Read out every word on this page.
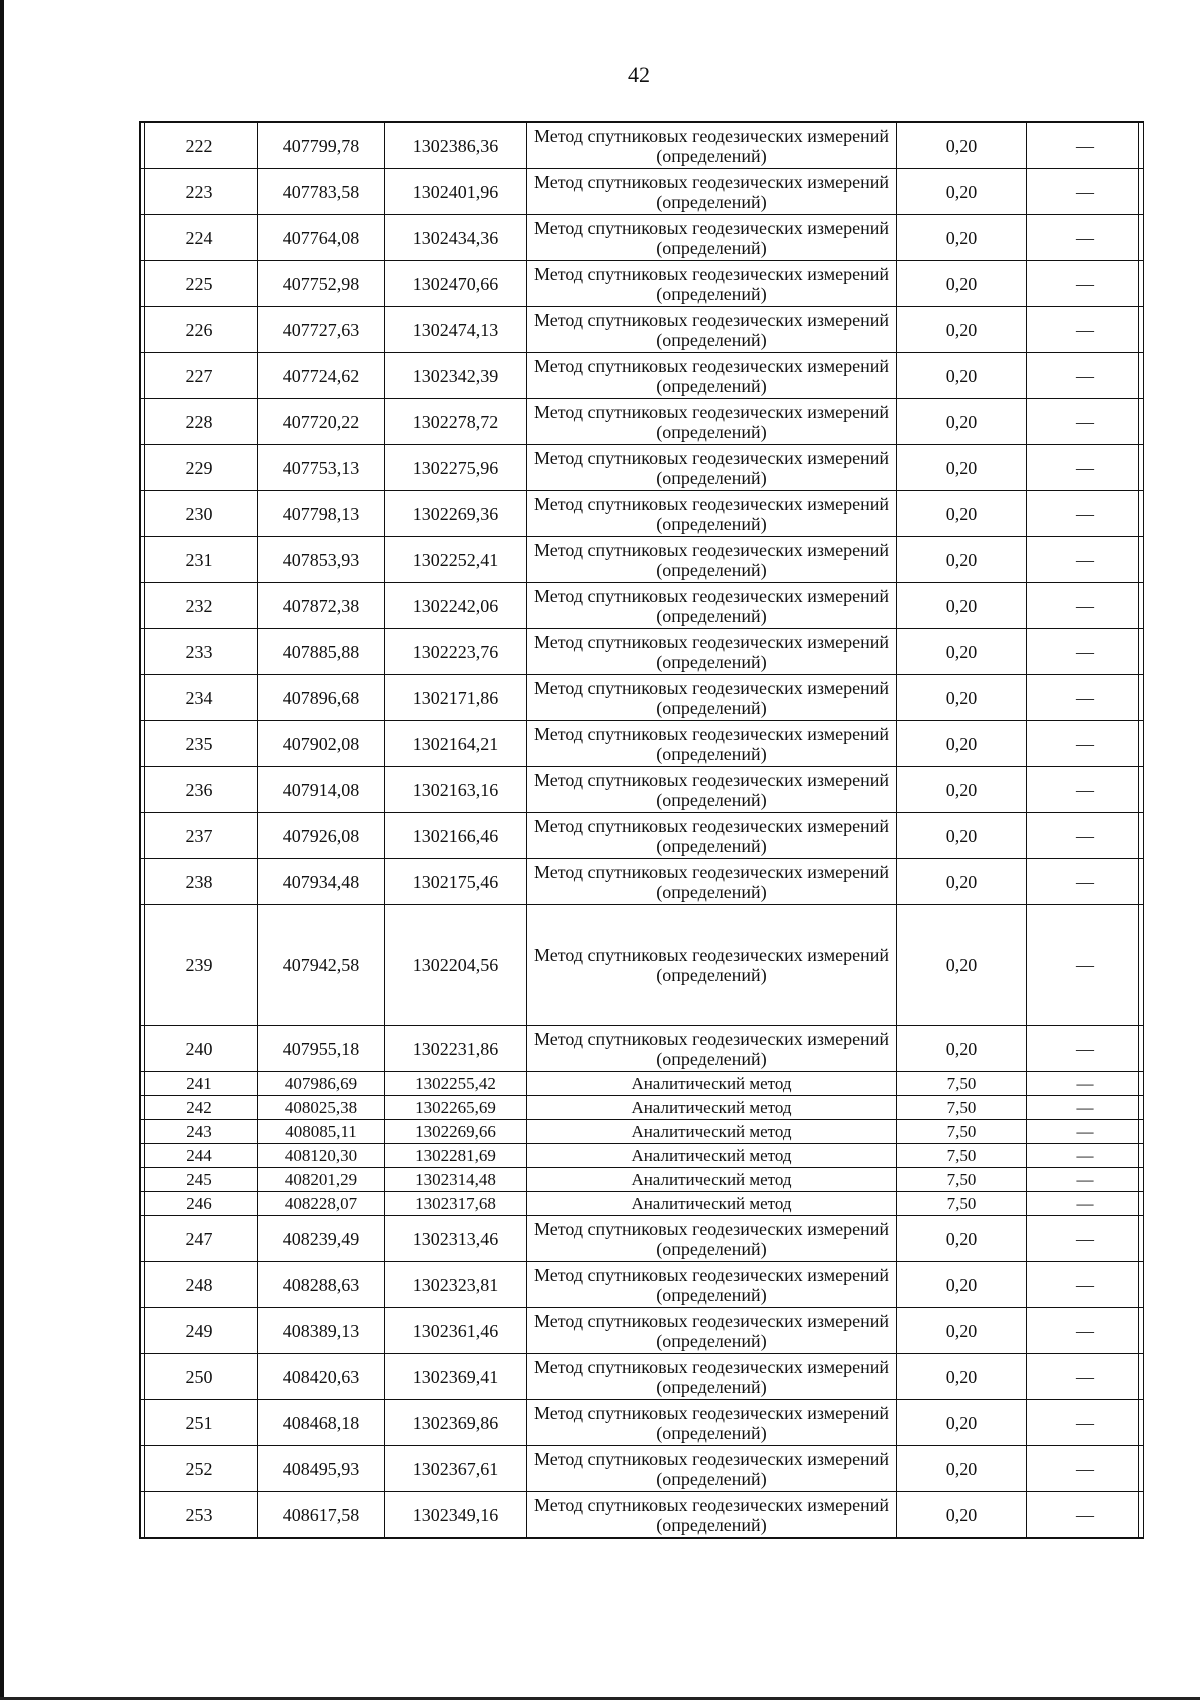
42
222	407799,78	1302386,36	Метод спутниковых геодезических измерений (определений)	0,20	—
223	407783,58	1302401,96	Метод спутниковых геодезических измерений (определений)	0,20	—
224	407764,08	1302434,36	Метод спутниковых геодезических измерений (определений)	0,20	—
225	407752,98	1302470,66	Метод спутниковых геодезических измерений (определений)	0,20	—
226	407727,63	1302474,13	Метод спутниковых геодезических измерений (определений)	0,20	—
227	407724,62	1302342,39	Метод спутниковых геодезических измерений (определений)	0,20	—
228	407720,22	1302278,72	Метод спутниковых геодезических измерений (определений)	0,20	—
229	407753,13	1302275,96	Метод спутниковых геодезических измерений (определений)	0,20	—
230	407798,13	1302269,36	Метод спутниковых геодезических измерений (определений)	0,20	—
231	407853,93	1302252,41	Метод спутниковых геодезических измерений (определений)	0,20	—
232	407872,38	1302242,06	Метод спутниковых геодезических измерений (определений)	0,20	—
233	407885,88	1302223,76	Метод спутниковых геодезических измерений (определений)	0,20	—
234	407896,68	1302171,86	Метод спутниковых геодезических измерений (определений)	0,20	—
235	407902,08	1302164,21	Метод спутниковых геодезических измерений (определений)	0,20	—
236	407914,08	1302163,16	Метод спутниковых геодезических измерений (определений)	0,20	—
237	407926,08	1302166,46	Метод спутниковых геодезических измерений (определений)	0,20	—
238	407934,48	1302175,46	Метод спутниковых геодезических измерений (определений)	0,20	—
239	407942,58	1302204,56	Метод спутниковых геодезических измерений (определений)	0,20	—
240	407955,18	1302231,86	Метод спутниковых геодезических измерений (определений)	0,20	—
241	407986,69	1302255,42	Аналитический метод	7,50	—
242	408025,38	1302265,69	Аналитический метод	7,50	—
243	408085,11	1302269,66	Аналитический метод	7,50	—
244	408120,30	1302281,69	Аналитический метод	7,50	—
245	408201,29	1302314,48	Аналитический метод	7,50	—
246	408228,07	1302317,68	Аналитический метод	7,50	—
247	408239,49	1302313,46	Метод спутниковых геодезических измерений (определений)	0,20	—
248	408288,63	1302323,81	Метод спутниковых геодезических измерений (определений)	0,20	—
249	408389,13	1302361,46	Метод спутниковых геодезических измерений (определений)	0,20	—
250	408420,63	1302369,41	Метод спутниковых геодезических измерений (определений)	0,20	—
251	408468,18	1302369,86	Метод спутниковых геодезических измерений (определений)	0,20	—
252	408495,93	1302367,61	Метод спутниковых геодезических измерений (определений)	0,20	—
253	408617,58	1302349,16	Метод спутниковых геодезических измерений (определений)	0,20	—
